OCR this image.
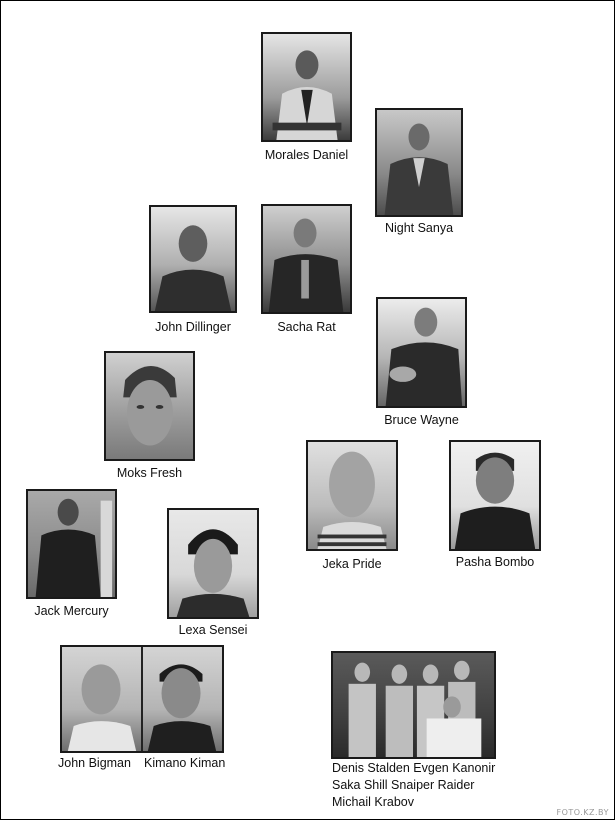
Morales Daniel
Night Sanya
John Dillinger	Sacha Rat
Bruce Wayne
Moks Fresh
Jeka Pride	Pasha Bombo
Jack Mercury
Lexa Sensei
John Bigman Kimano Kiman	Denis Stalden Evgen Kanonir
Saka Shill Snaiper Raider
Michail Krabov
FOTO.KZ.BY
